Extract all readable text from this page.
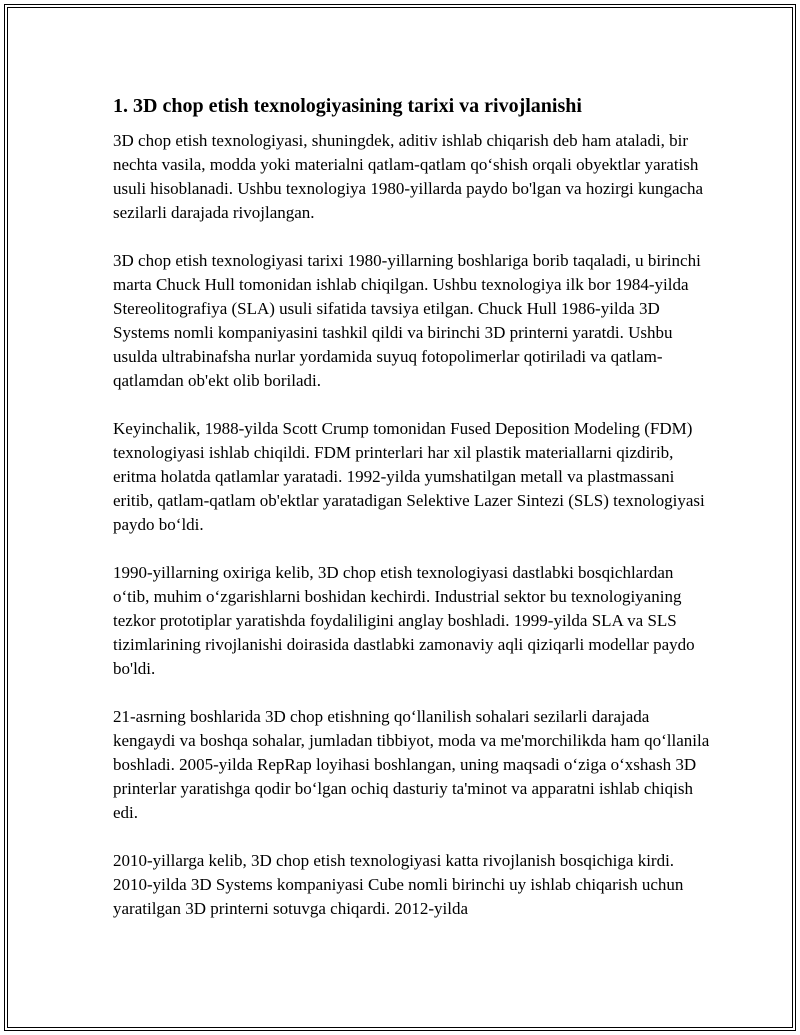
1. 3D chop etish texnologiyasining tarixi va rivojlanishi

3D chop etish texnologiyasi, shuningdek, aditiv ishlab chiqarish deb ham ataladi, bir nechta vasila, modda yoki materialni qatlam-qatlam qo‘shish orqali obyektlar yaratish usuli hisoblanadi. Ushbu texnologiya 1980-yillarda paydo bo'lgan va hozirgi kungacha sezilarli darajada rivojlangan.

3D chop etish texnologiyasi tarixi 1980-yillarning boshlariga borib taqaladi, u birinchi marta Chuck Hull tomonidan ishlab chiqilgan. Ushbu texnologiya ilk bor 1984-yilda Stereolitografiya (SLA) usuli sifatida tavsiya etilgan. Chuck Hull 1986-yilda 3D Systems nomli kompaniyasini tashkil qildi va birinchi 3D printerni yaratdi. Ushbu usulda ultrabinafsha nurlar yordamida suyuq fotopolimerlar qotiriladi va qatlam-qatlamdan ob'ekt olib boriladi.

Keyinchalik, 1988-yilda Scott Crump tomonidan Fused Deposition Modeling (FDM) texnologiyasi ishlab chiqildi. FDM printerlari har xil plastik materiallarni qizdirib, eritma holatda qatlamlar yaratadi. 1992-yilda yumshatilgan metall va plastmassani eritib, qatlam-qatlam ob'ektlar yaratadigan Selektive Lazer Sintezi (SLS) texnologiyasi paydo bo‘ldi.

1990-yillarning oxiriga kelib, 3D chop etish texnologiyasi dastlabki bosqichlardan o‘tib, muhim o‘zgarishlarni boshidan kechirdi. Industrial sektor bu texnologiyaning tezkor prototiplar yaratishda foydaliligini anglay boshladi. 1999-yilda SLA va SLS tizimlarining rivojlanishi doirasida dastlabki zamonaviy aqli qiziqarli modellar paydo bo'ldi.

21-asrning boshlarida 3D chop etishning qo‘llanilish sohalari sezilarli darajada kengaydi va boshqa sohalar, jumladan tibbiyot, moda va me'morchilikda ham qo‘llanila boshladi. 2005-yilda RepRap loyihasi boshlangan, uning maqsadi o‘ziga o‘xshash 3D printerlar yaratishga qodir bo‘lgan ochiq dasturiy ta'minot va apparatni ishlab chiqish edi.

2010-yillarga kelib, 3D chop etish texnologiyasi katta rivojlanish bosqichiga kirdi. 2010-yilda 3D Systems kompaniyasi Cube nomli birinchi uy ishlab chiqarish uchun yaratilgan 3D printerni sotuvga chiqardi. 2012-yilda
